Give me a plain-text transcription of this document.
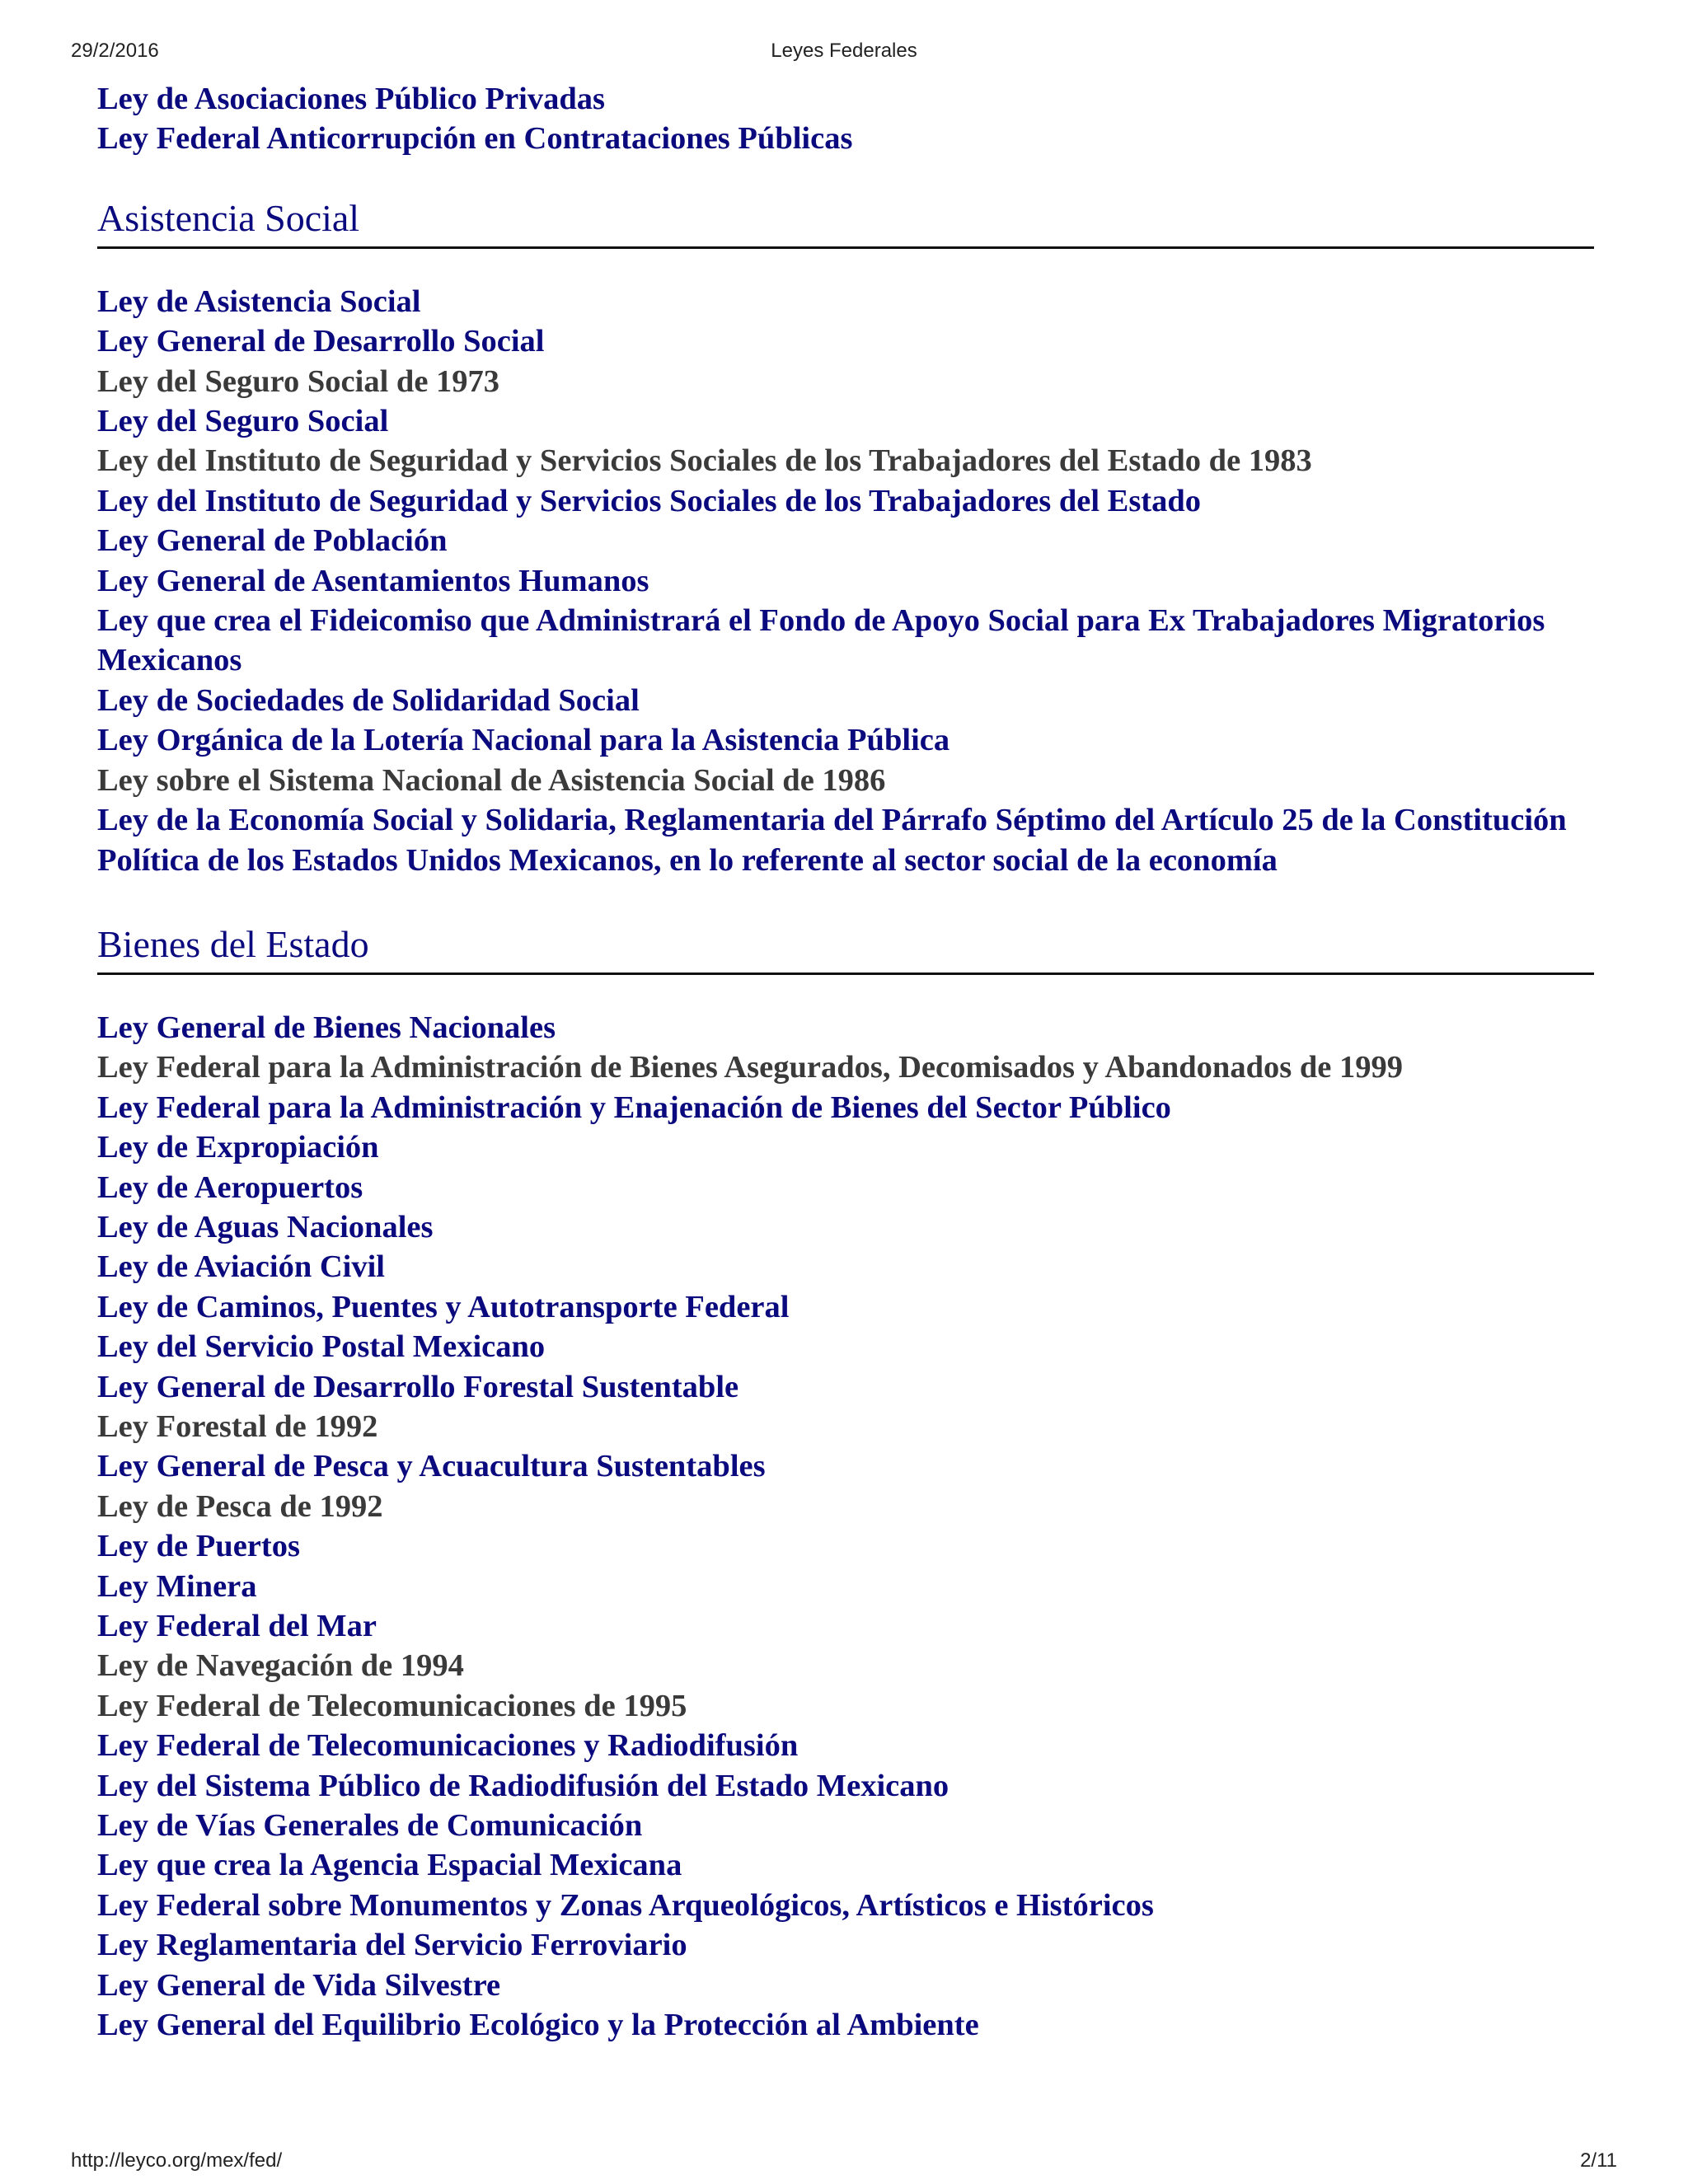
29/2/2016	Leyes Federales
Ley de Asociaciones Público Privadas
Ley Federal Anticorrupción en Contrataciones Públicas
Asistencia Social
Ley de Asistencia Social
Ley General de Desarrollo Social
Ley del Seguro Social de 1973
Ley del Seguro Social
Ley del Instituto de Seguridad y Servicios Sociales de los Trabajadores del Estado de 1983
Ley del Instituto de Seguridad y Servicios Sociales de los Trabajadores del Estado
Ley General de Población
Ley General de Asentamientos Humanos
Ley que crea el Fideicomiso que Administrará el Fondo de Apoyo Social para Ex Trabajadores Migratorios Mexicanos
Ley de Sociedades de Solidaridad Social
Ley Orgánica de la Lotería Nacional para la Asistencia Pública
Ley sobre el Sistema Nacional de Asistencia Social de 1986
Ley de la Economía Social y Solidaria, Reglamentaria del Párrafo Séptimo del Artículo 25 de la Constitución Política de los Estados Unidos Mexicanos, en lo referente al sector social de la economía
Bienes del Estado
Ley General de Bienes Nacionales
Ley Federal para la Administración de Bienes Asegurados, Decomisados y Abandonados de 1999
Ley Federal para la Administración y Enajenación de Bienes del Sector Público
Ley de Expropiación
Ley de Aeropuertos
Ley de Aguas Nacionales
Ley de Aviación Civil
Ley de Caminos, Puentes y Autotransporte Federal
Ley del Servicio Postal Mexicano
Ley General de Desarrollo Forestal Sustentable
Ley Forestal de 1992
Ley General de Pesca y Acuacultura Sustentables
Ley de Pesca de 1992
Ley de Puertos
Ley Minera
Ley Federal del Mar
Ley de Navegación de 1994
Ley Federal de Telecomunicaciones de 1995
Ley Federal de Telecomunicaciones y Radiodifusión
Ley del Sistema Público de Radiodifusión del Estado Mexicano
Ley de Vías Generales de Comunicación
Ley que crea la Agencia Espacial Mexicana
Ley Federal sobre Monumentos y Zonas Arqueológicos, Artísticos e Históricos
Ley Reglamentaria del Servicio Ferroviario
Ley General de Vida Silvestre
Ley General del Equilibrio Ecológico y la Protección al Ambiente
http://leyco.org/mex/fed/	2/11
